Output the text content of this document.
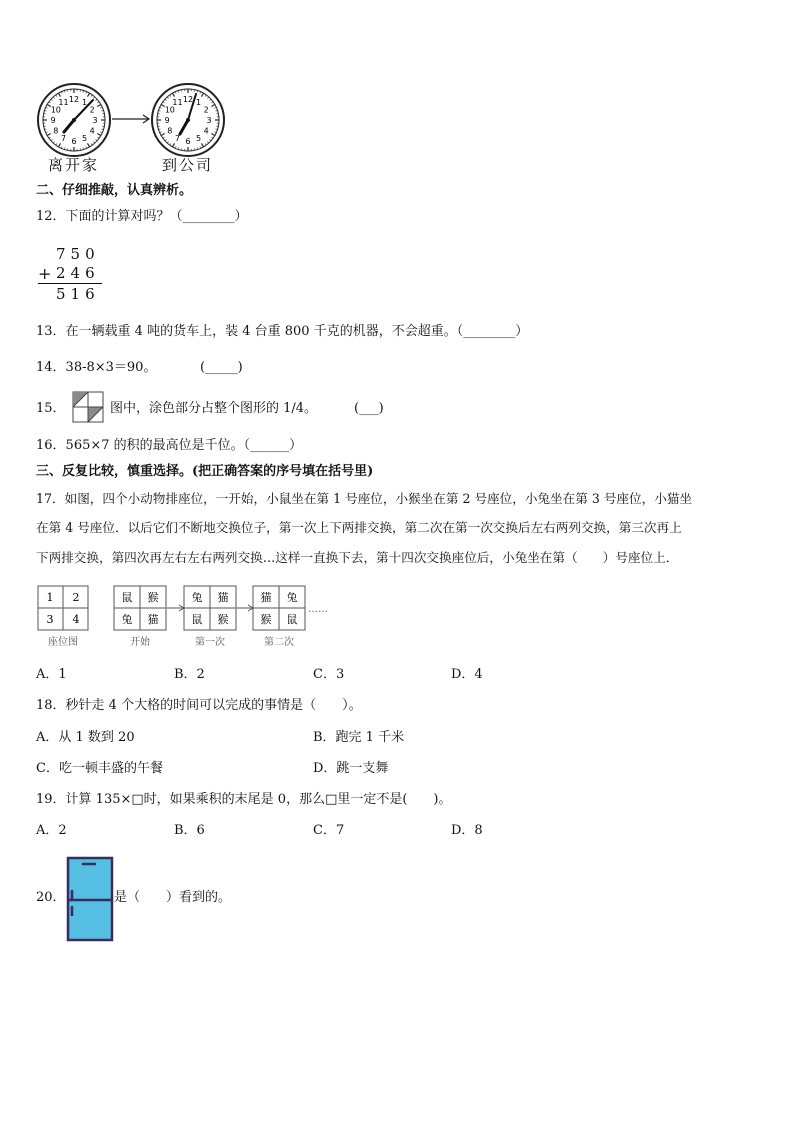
12 1
2
3
4
5
6
7
8
9
10
11	12 1
2
3
4
5
6
7
8
9
10
11
离开家	到公司
二、仔细推敲，认真辨析。
12．下面的计算对吗？（________）
750
+ 246
516
13．在一辆载重 4 吨的货车上，装 4 台重 800 千克的机器，不会超重。（________）
14．38-8×3＝90。	(_____)
15．	图中，涂色部分占整个图形的 1/4。	(___)
16．565×7 的积的最高位是千位。（______）
三、反复比较，慎重选择。(把正确答案的序号填在括号里)
17．如图，四个小动物排座位，一开始，小鼠坐在第 1 号座位，小猴坐在第 2 号座位，小兔坐在第 3 号座位，小猫坐
在第 4 号座位．以后它们不断地交换位子，第一次上下两排交换，第二次在第一次交换后左右两列交换，第三次再上
下两排交换，第四次再左右左右两列交换…这样一直换下去，第十四次交换座位后，小兔坐在第（　　）号座位上．
1 2
3 4
座位图
鼠 猴
兔 猫
开始
兔 猫
鼠 猴
第一次
猫 兔
猴 鼠
第二次
……
A．1	B．2	C．3	D．4
18．秒针走 4 个大格的时间可以完成的事情是（　　）。
A．从 1 数到 20	B．跑完 1 千米
C．吃一顿丰盛的午餐	D．跳一支舞
19．计算 135×□时，如果乘积的末尾是 0，那么□里一定不是(　　)。
A．2	B．6	C．7	D．8
20．	是（　　）看到的。
